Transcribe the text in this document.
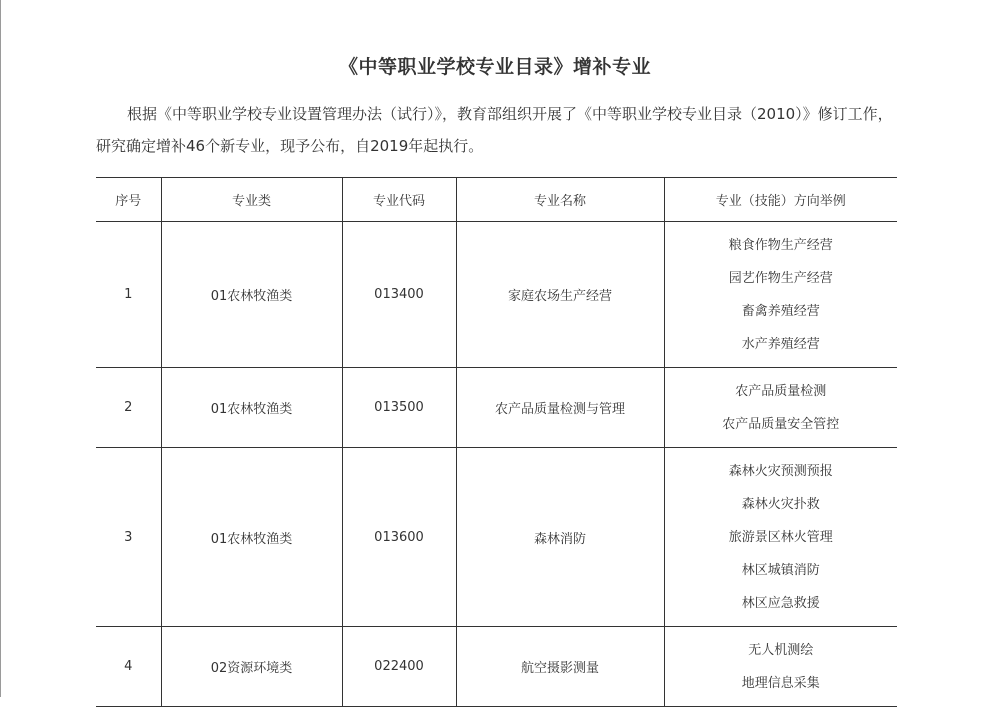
《中等职业学校专业目录》增补专业

根据《中等职业学校专业设置管理办法（试行）》，教育部组织开展了《中等职业学校专业目录（2010）》修订工作，研究确定增补46个新专业，现予公布，自2019年起执行。

序号	专业类	专业代码	专业名称	专业（技能）方向举例
1	01农林牧渔类	013400	家庭农场生产经营	粮食作物生产经营
园艺作物生产经营
畜禽养殖经营
水产养殖经营

2	01农林牧渔类	013500	农产品质量检测与管理	农产品质量检测
农产品质量安全管控

3	01农林牧渔类	013600	森林消防	森林火灾预测预报
森林火灾扑救
旅游景区林火管理
林区城镇消防
林区应急救援

4	02资源环境类	022400	航空摄影测量	无人机测绘
地理信息采集
